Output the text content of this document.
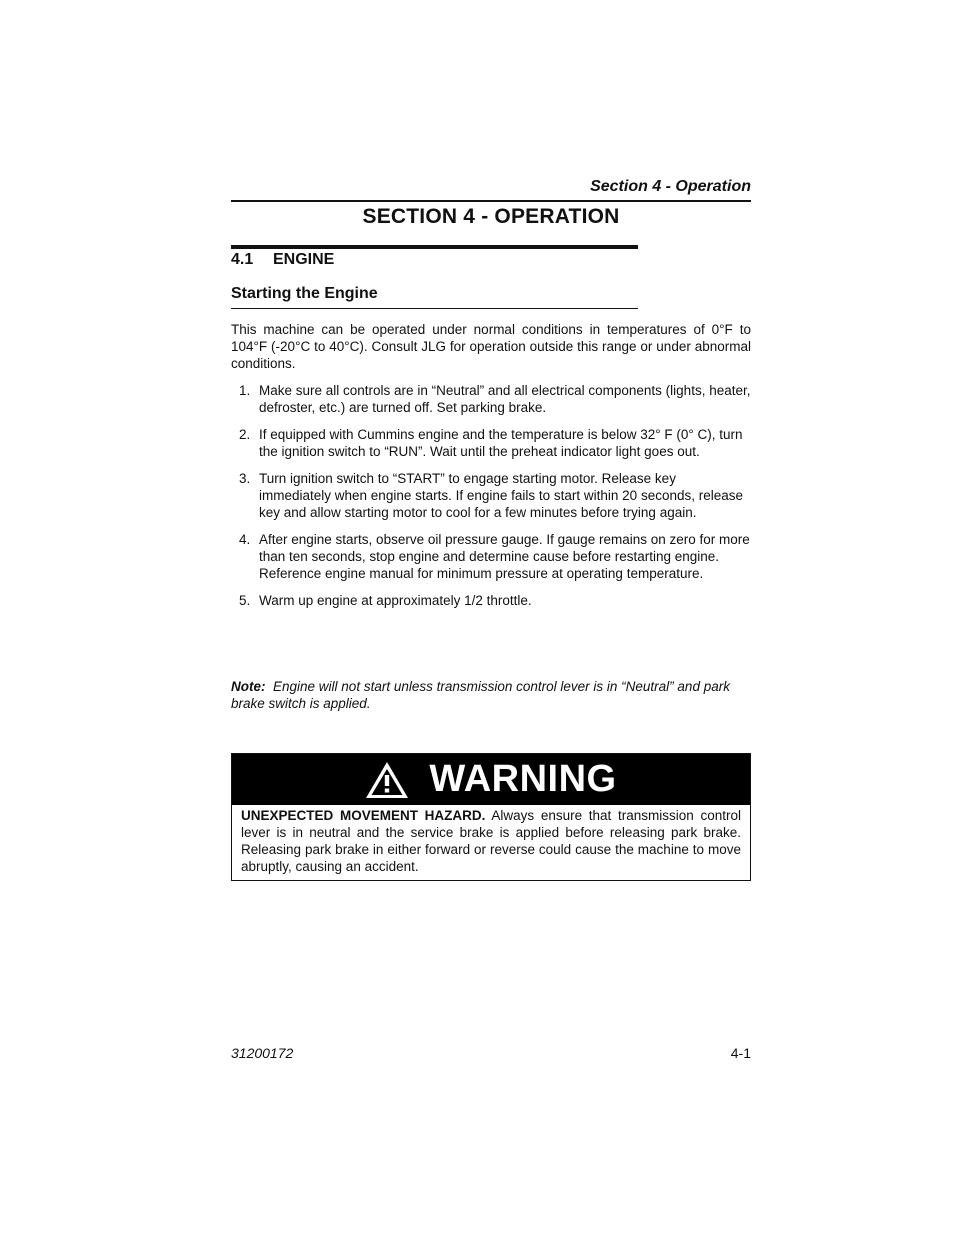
Section 4 - Operation
SECTION 4 - OPERATION
4.1 ENGINE
Starting the Engine

This machine can be operated under normal conditions in temperatures of 0°F to 104°F (-20°C to 40°C). Consult JLG for operation outside this range or under abnormal conditions.

1. Make sure all controls are in “Neutral” and all electrical components (lights, heater, defroster, etc.) are turned off. Set parking brake.
2. If equipped with Cummins engine and the temperature is below 32° F (0° C), turn the ignition switch to “RUN”. Wait until the preheat indicator light goes out.
3. Turn ignition switch to “START” to engage starting motor. Release key immediately when engine starts. If engine fails to start within 20 seconds, release key and allow starting motor to cool for a few minutes before trying again.
4. After engine starts, observe oil pressure gauge. If gauge remains on zero for more than ten seconds, stop engine and determine cause before restarting engine. Reference engine manual for minimum pressure at operating temperature.
5. Warm up engine at approximately 1/2 throttle.

Note: Engine will not start unless transmission control lever is in “Neutral” and park brake switch is applied.

WARNING

UNEXPECTED MOVEMENT HAZARD. Always ensure that transmission control lever is in neutral and the service brake is applied before releasing park brake. Releasing park brake in either forward or reverse could cause the machine to move abruptly, causing an accident.

31200172	4-1
